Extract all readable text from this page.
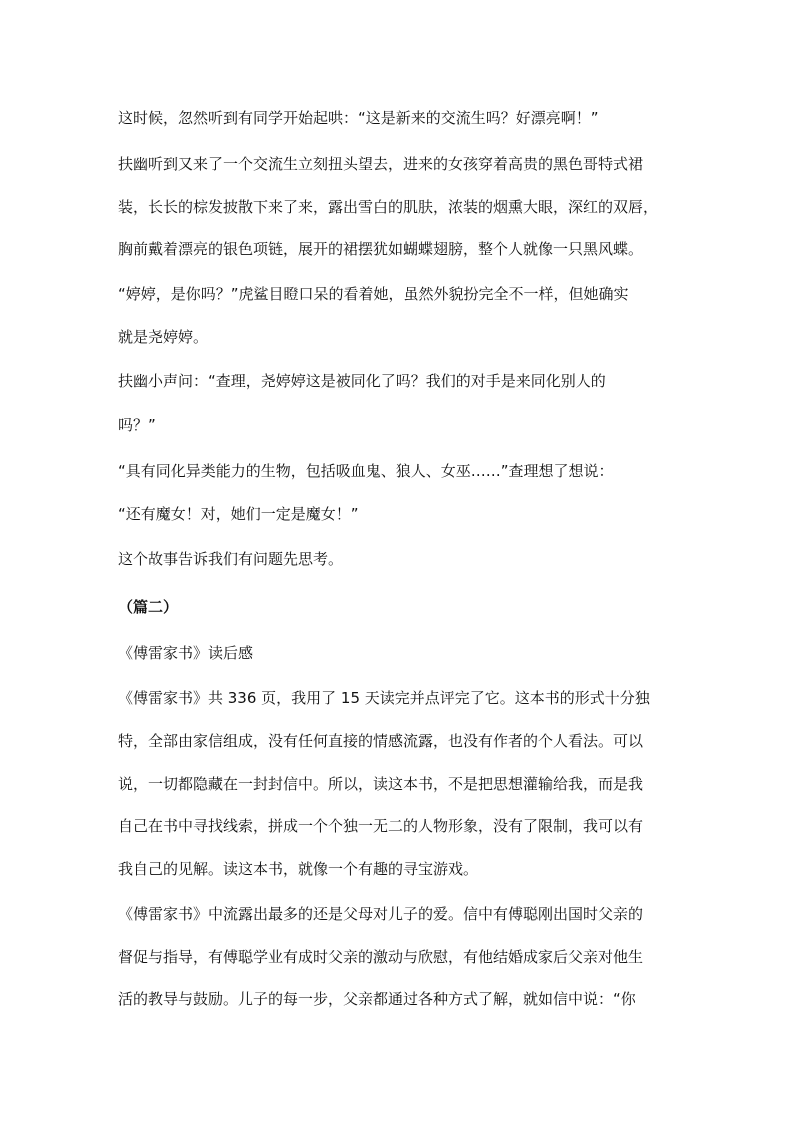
这时候，忽然听到有同学开始起哄：“这是新来的交流生吗？好漂亮啊！”
扶幽听到又来了一个交流生立刻扭头望去，进来的女孩穿着高贵的黑色哥特式裙
装，长长的棕发披散下来了来，露出雪白的肌肤，浓装的烟熏大眼，深红的双唇，
胸前戴着漂亮的银色项链，展开的裙摆犹如蝴蝶翅膀，整个人就像一只黑风蝶。
“婷婷，是你吗？”虎鲨目瞪口呆的看着她，虽然外貌扮完全不一样，但她确实
就是尧婷婷。
扶幽小声问：“查理，尧婷婷这是被同化了吗？我们的对手是来同化别人的
吗？”
“具有同化异类能力的生物，包括吸血鬼、狼人、女巫……”查理想了想说：
“还有魔女！对，她们一定是魔女！”
这个故事告诉我们有问题先思考。
（篇二）
《傅雷家书》读后感
《傅雷家书》共 336 页，我用了 15 天读完并点评完了它。这本书的形式十分独
特，全部由家信组成，没有任何直接的情感流露，也没有作者的个人看法。可以
说，一切都隐藏在一封封信中。所以，读这本书，不是把思想灌输给我，而是我
自己在书中寻找线索，拼成一个个独一无二的人物形象，没有了限制，我可以有
我自己的见解。读这本书，就像一个有趣的寻宝游戏。
《傅雷家书》中流露出最多的还是父母对儿子的爱。信中有傅聪刚出国时父亲的
督促与指导，有傅聪学业有成时父亲的激动与欣慰，有他结婚成家后父亲对他生
活的教导与鼓励。儿子的每一步，父亲都通过各种方式了解，就如信中说：“你
